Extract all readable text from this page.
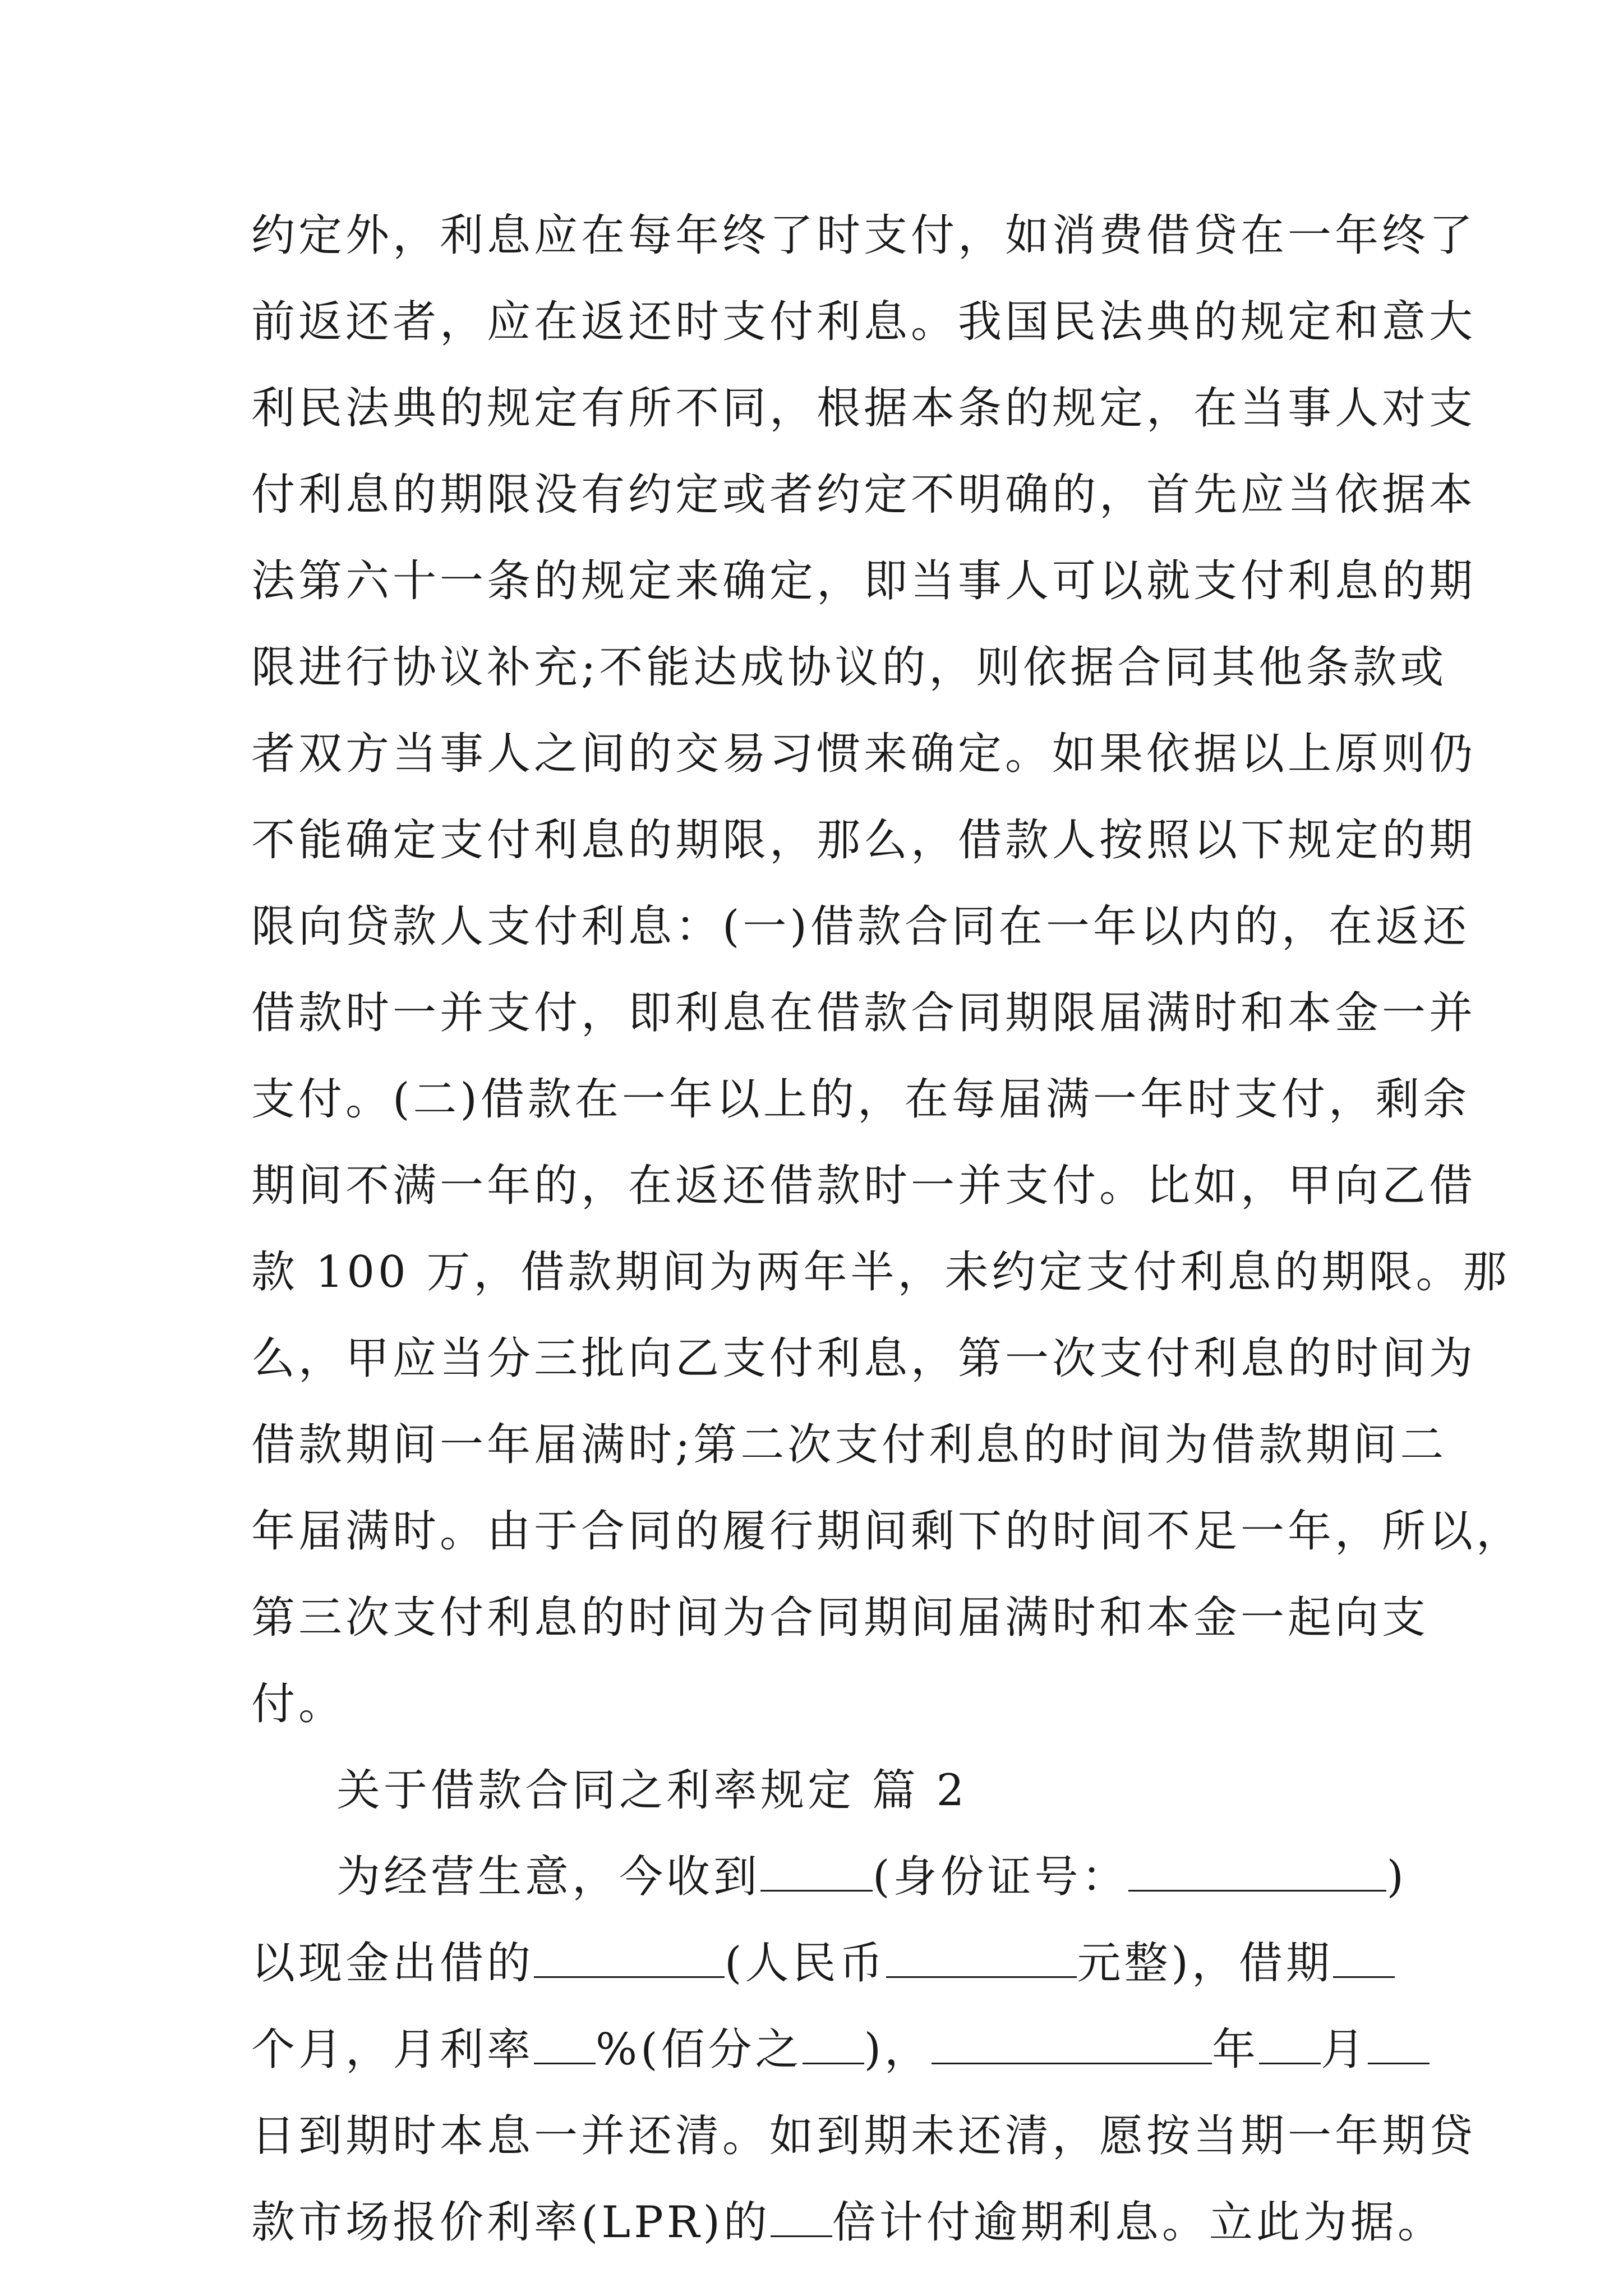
约定外，利息应在每年终了时支付，如消费借贷在一年终了
前返还者，应在返还时支付利息。我国民法典的规定和意大
利民法典的规定有所不同，根据本条的规定，在当事人对支
付利息的期限没有约定或者约定不明确的，首先应当依据本
法第六十一条的规定来确定，即当事人可以就支付利息的期
限进行协议补充;不能达成协议的，则依据合同其他条款或
者双方当事人之间的交易习惯来确定。如果依据以上原则仍
不能确定支付利息的期限，那么，借款人按照以下规定的期
限向贷款人支付利息：(一)借款合同在一年以内的，在返还
借款时一并支付，即利息在借款合同期限届满时和本金一并
支付。(二)借款在一年以上的，在每届满一年时支付，剩余
期间不满一年的，在返还借款时一并支付。比如，甲向乙借
款 100 万，借款期间为两年半，未约定支付利息的期限。那
么，甲应当分三批向乙支付利息，第一次支付利息的时间为
借款期间一年届满时;第二次支付利息的时间为借款期间二
年届满时。由于合同的履行期间剩下的时间不足一年，所以，
第三次支付利息的时间为合同期间届满时和本金一起向支
付。
关于借款合同之利率规定 篇 2
为经营生意，今收到	(身份证号：	)
以现金出借的	(人民币	元整)，借期
个月，月利率 %(佰分之 )，	年 月
日到期时本息一并还清。如到期未还清，愿按当期一年期贷
款市场报价利率(LPR)的 倍计付逾期利息。立此为据。
